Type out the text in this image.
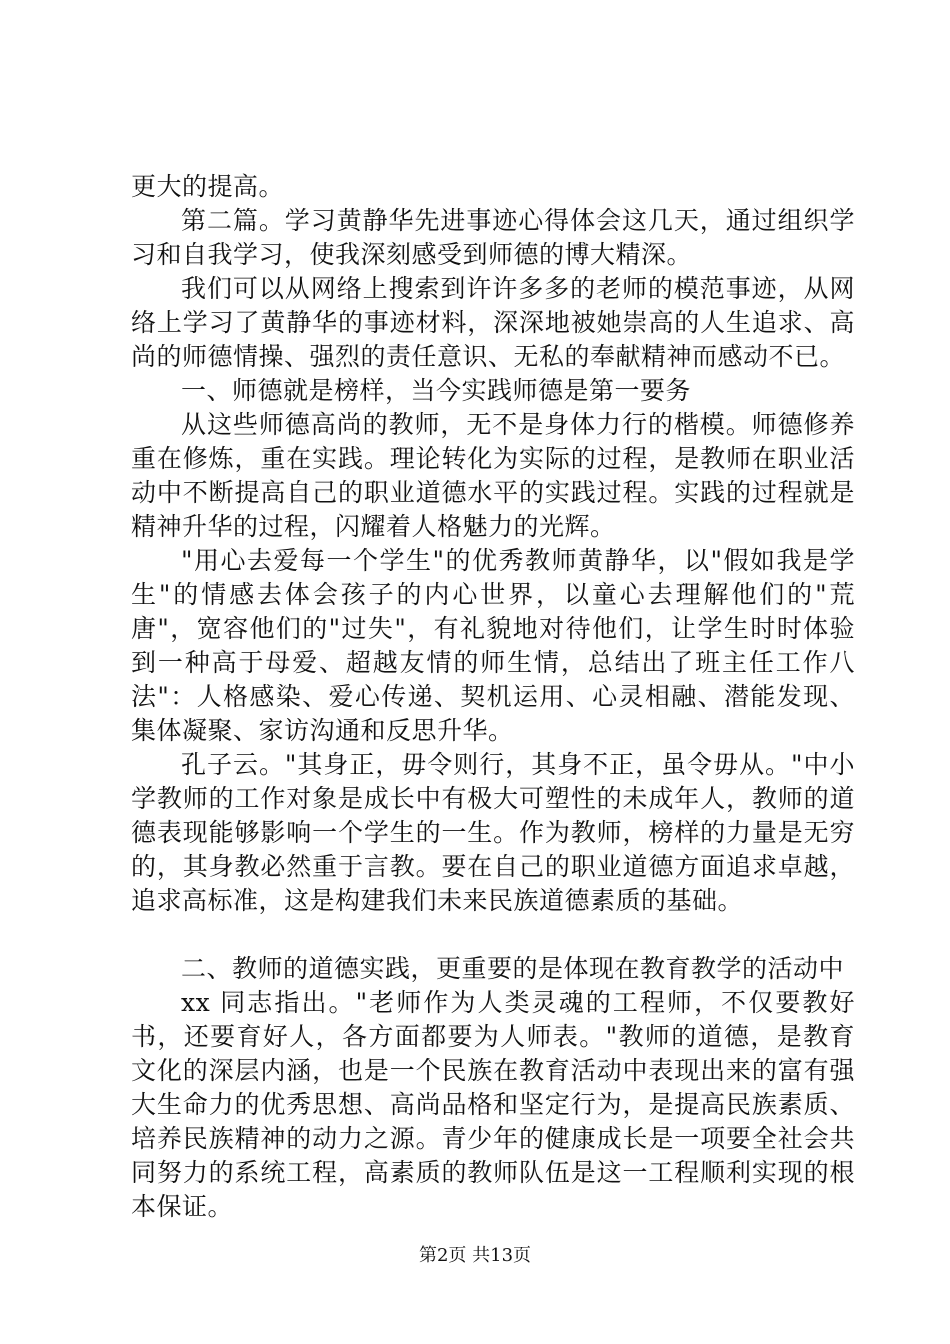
更大的提高。

第二篇。学习黄静华先进事迹心得体会这几天，通过组织学习和自我学习，使我深刻感受到师德的博大精深。

我们可以从网络上搜索到许许多多的老师的模范事迹，从网络上学习了黄静华的事迹材料，深深地被她崇高的人生追求、高尚的师德情操、强烈的责任意识、无私的奉献精神而感动不已。

一、师德就是榜样，当今实践师德是第一要务

从这些师德高尚的教师，无不是身体力行的楷模。师德修养重在修炼，重在实践。理论转化为实际的过程，是教师在职业活动中不断提高自己的职业道德水平的实践过程。实践的过程就是精神升华的过程，闪耀着人格魅力的光辉。

"用心去爱每一个学生"的优秀教师黄静华，以"假如我是学生"的情感去体会孩子的内心世界，以童心去理解他们的"荒唐"，宽容他们的"过失"，有礼貌地对待他们，让学生时时体验到一种高于母爱、超越友情的师生情，总结出了班主任工作八法"：人格感染、爱心传递、契机运用、心灵相融、潜能发现、集体凝聚、家访沟通和反思升华。

孔子云。"其身正，毋令则行，其身不正，虽令毋从。"中小学教师的工作对象是成长中有极大可塑性的未成年人，教师的道德表现能够影响一个学生的一生。作为教师，榜样的力量是无穷的，其身教必然重于言教。要在自己的职业道德方面追求卓越，追求高标准，这是构建我们未来民族道德素质的基础。

二、教师的道德实践，更重要的是体现在教育教学的活动中

xx 同志指出。"老师作为人类灵魂的工程师，不仅要教好书，还要育好人，各方面都要为人师表。"教师的道德，是教育文化的深层内涵，也是一个民族在教育活动中表现出来的富有强大生命力的优秀思想、高尚品格和坚定行为，是提高民族素质、培养民族精神的动力之源。青少年的健康成长是一项要全社会共同努力的系统工程，高素质的教师队伍是这一工程顺利实现的根本保证。

第2页 共13页
